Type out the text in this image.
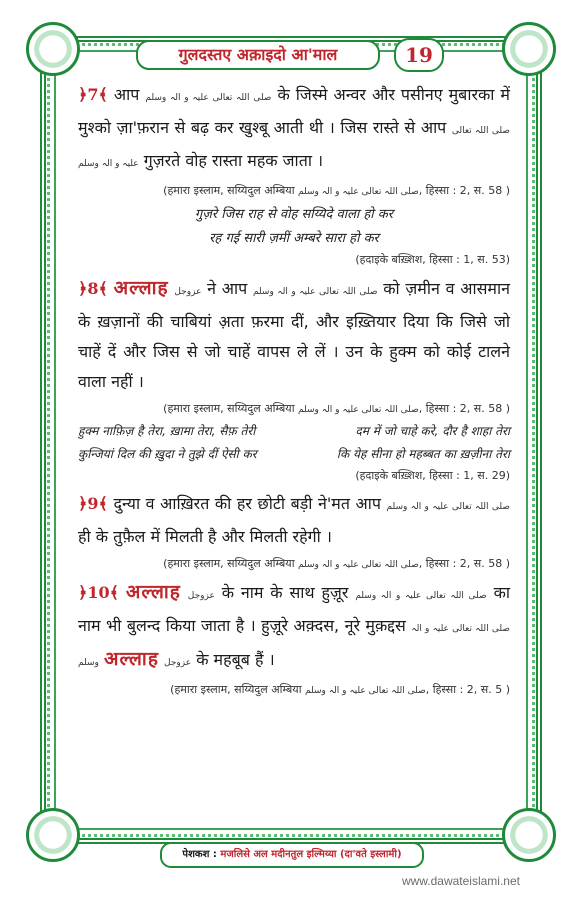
गुलदस्तए अक़ाइदो आ'माल	19

﴿7﴾ आप صلی اللہ تعالی علیہ و الہ وسلم के जिस्मे अन्वर और पसीनए मुबारका में मुश्को ज़ा'फ़रान से बढ़ कर खुश्बू आती थी । जिस रास्ते से आप صلی اللہ تعالی علیہ و الہ وسلم गुज़रते वोह रास्ता महक जाता ।

(हमारा इस्लाम, सय्यिदुल अम्बिया صلی اللہ تعالی علیہ و الہ وسلم, हिस्सा : 2, स. 58 )
गुज़रे जिस राह से वोह सय्यिदे वाला हो कर
रह गई सारी ज़मीं अम्बरे सारा हो कर
(हदाइके बख़्शिश, हिस्सा : 1, स. 53)

﴿8﴾ अल्लाह عزوجل ने आप صلی اللہ تعالی علیہ و الہ وسلم को ज़मीन व आसमान के ख़ज़ानों की चाबियां अ़ता फ़रमा दीं, और इख़्तियार दिया कि जिसे जो चाहें दें और जिस से जो चाहें वापस ले लें । उन के हुक्म को कोई टालने वाला नहीं ।

(हमारा इस्लाम, सय्यिदुल अम्बिया صلی اللہ تعالی علیہ و الہ وسلم, हिस्सा : 2, स. 58 )
हुक्म नाफ़िज़ है तेरा, ख़ामा तेरा, सैफ़ तेरी	दम में जो चाहे करे, दौर है शाहा तेरा
कुन्जियां दिल की ख़ुदा ने तुझे दीं ऐसी कर	कि येह सीना हो महब्बत का ख़ज़ीना तेरा
(हदाइके बख़्शिश, हिस्सा : 1, स. 29)

﴿9﴾ दुन्या व आख़िरत की हर छोटी बड़ी ने'मत आप صلی اللہ تعالی علیہ و الہ وسلم ही के तुफ़ैल में मिलती है और मिलती रहेगी ।

(हमारा इस्लाम, सय्यिदुल अम्बिया صلی اللہ تعالی علیہ و الہ وسلم, हिस्सा : 2, स. 58 )

﴿10﴾ अल्लाह عزوجل के नाम के साथ हुज़ूर صلی اللہ تعالی علیہ و الہ وسلم का नाम भी बुलन्द किया जाता है । हुज़ूरे अक़्दस, नूरे मुक़द्दस صلی اللہ تعالی علیہ و الہ وسلم अल्लाह عزوجل के महबूब हैं ।

(हमारा इस्लाम, सय्यिदुल अम्बिया صلی اللہ تعالی علیہ و الہ وسلم, हिस्सा : 2, स. 5 )
पेशकश : मजलिसे अल मदीनतुल इल्मिय्या (दा'वते इस्लामी)
www.dawateislami.net
